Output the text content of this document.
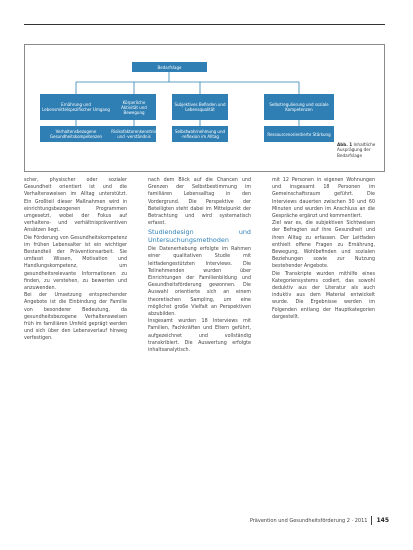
Bedarfslage
Ernährung und Lebensmittelspezifischer Umgang
Körperliche Aktivität und Bewegung
Subjektives Befinden und Lebensqualität
Selbstregulierung und soziale Kompetenzen
Verhaltensbezogene Gesundheitskompetenzen
Risikofaktorenkenntnis und -verständnis
Selbstwahrnehmung und -reflexion im Alltag	Ressourcenorientierte Stärkung
Abb. 1 Inhaltliche Ausprägung der Bedarfslage

scher, physischer oder sozialer Gesundheit orientiert ist und die Verhaltensweisen im Alltag unterstützt. Ein Großteil dieser Maßnahmen wird in einrichtungsbezogenen Programmen umgesetzt, wobei der Fokus auf verhaltens- und verhältnispräventiven Ansätzen liegt.

Die Förderung von Gesundheitskompetenz im frühen Lebensalter ist ein wichtiger Bestandteil der Präventionsarbeit. Sie umfasst Wissen, Motivation und Handlungskompetenz, um gesundheitsrelevante Informationen zu finden, zu verstehen, zu bewerten und anzuwenden.

Bei der Umsetzung entsprechender Angebote ist die Einbindung der Familie von besonderer Bedeutung, da gesundheitsbezogene Verhaltensweisen früh im familiären Umfeld geprägt werden und sich über den Lebensverlauf hinweg verfestigen.

nach dem Blick auf die Chancen und Grenzen der Selbstbestimmung im familiären Lebensalltag in den Vordergrund. Die Perspektive der Beteiligten steht dabei im Mittelpunkt der Betrachtung und wird systematisch erfasst.

Studiendesign und Untersuchungsmethoden

Die Datenerhebung erfolgte im Rahmen einer qualitativen Studie mit leitfadengestützten Interviews. Die Teilnehmenden wurden über Einrichtungen der Familienbildung und Gesundheitsförderung gewonnen. Die Auswahl orientierte sich an einem theoretischen Sampling, um eine möglichst große Vielfalt an Perspektiven abzubilden.

Insgesamt wurden 18 Interviews mit Familien, Fachkräften und Eltern geführt, aufgezeichnet und vollständig transkribiert. Die Auswertung erfolgte inhaltsanalytisch.

mit 12 Personen in eigenen Wohnungen und insgesamt 18 Personen im Gemeinschaftsraum geführt. Die Interviews dauerten zwischen 30 und 60 Minuten und wurden im Anschluss an die Gespräche ergänzt und kommentiert.

Ziel war es, die subjektiven Sichtweisen der Befragten auf ihre Gesundheit und ihren Alltag zu erfassen. Der Leitfaden enthielt offene Fragen zu Ernährung, Bewegung, Wohlbefinden und sozialen Beziehungen sowie zur Nutzung bestehender Angebote.

Die Transkripte wurden mithilfe eines Kategoriensystems codiert, das sowohl deduktiv aus der Literatur als auch induktiv aus dem Material entwickelt wurde. Die Ergebnisse werden im Folgenden entlang der Hauptkategorien dargestellt.

Prävention und Gesundheitsförderung 2 · 2011 145
